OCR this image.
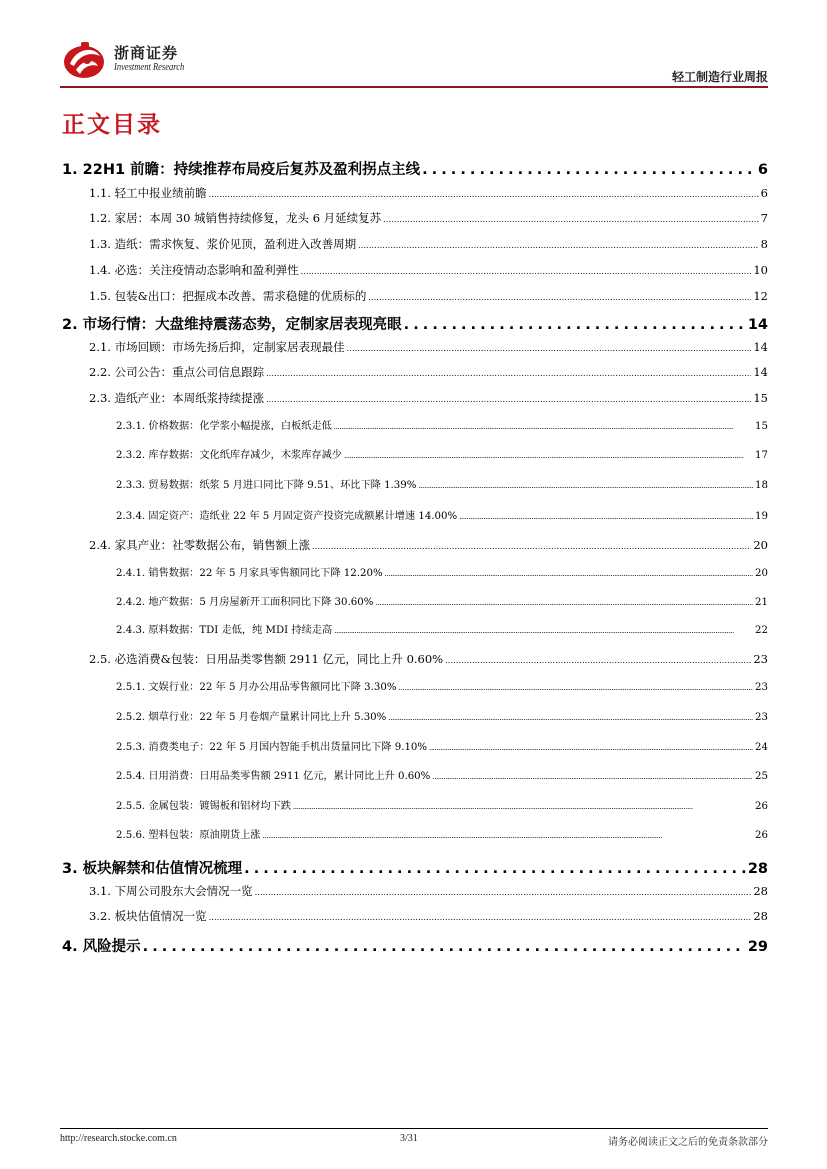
浙商证券
Investment Research
轻工制造行业周报
正文目录
1. 22H1 前瞻：持续推荐布局疫后复苏及盈利拐点主线 . . .	6
1.1. 轻工中报业绩前瞻 . . .	6
1.2. 家居：本周 30 城销售持续修复，龙头 6 月延续复苏 . . .	7
1.3. 造纸：需求恢复、浆价见顶，盈利进入改善周期 . . .	8
1.4. 必选：关注疫情动态影响和盈利弹性 . . .	10
1.5. 包装&出口：把握成本改善、需求稳健的优质标的 . . .	12
2. 市场行情：大盘维持震荡态势，定制家居表现亮眼 . . .	14
2.1. 市场回顾：市场先扬后抑，定制家居表现最佳 . . .	14
2.2. 公司公告：重点公司信息跟踪 . . .	14
2.3. 造纸产业：本周纸浆持续提涨 . . .	15
2.3.1. 价格数据：化学浆小幅提涨，白板纸走低 . . .	15
2.3.2. 库存数据：文化纸库存减少，木浆库存减少 . . .	17
2.3.3. 贸易数据：纸浆 5 月进口同比下降 9.51、环比下降 1.39% . . .	18
2.3.4. 固定资产：造纸业 22 年 5 月固定资产投资完成额累计增速 14.00% . . .	19
2.4. 家具产业：社零数据公布，销售额上涨 . . .	20
2.4.1. 销售数据：22 年 5 月家具零售额同比下降 12.20% . . .	20
2.4.2. 地产数据：5 月房屋新开工面积同比下降 30.60% . . .	21
2.4.3. 原料数据：TDI 走低，纯 MDI 持续走高 . . .	22
2.5. 必选消费&包装：日用品类零售额 2911 亿元，同比上升 0.60% . . .	23
2.5.1. 文娱行业：22 年 5 月办公用品零售额同比下降 3.30% . . .	23
2.5.2. 烟草行业：22 年 5 月卷烟产量累计同比上升 5.30% . . .	23
2.5.3. 消费类电子：22 年 5 月国内智能手机出货量同比下降 9.10% . . .	24
2.5.4. 日用消费：日用品类零售额 2911 亿元，累计同比上升 0.60% . . .	25
2.5.5. 金属包装：镀锡板和铝材均下跌 . . .	26
2.5.6. 塑料包装：原油期货上涨 . . .	26
3. 板块解禁和估值情况梳理 . . .	28
3.1. 下周公司股东大会情况一览 . . .	28
3.2. 板块估值情况一览 . . .	28
4. 风险提示 . . .	29
http://research.stocke.com.cn	3/31	请务必阅读正文之后的免责条款部分
